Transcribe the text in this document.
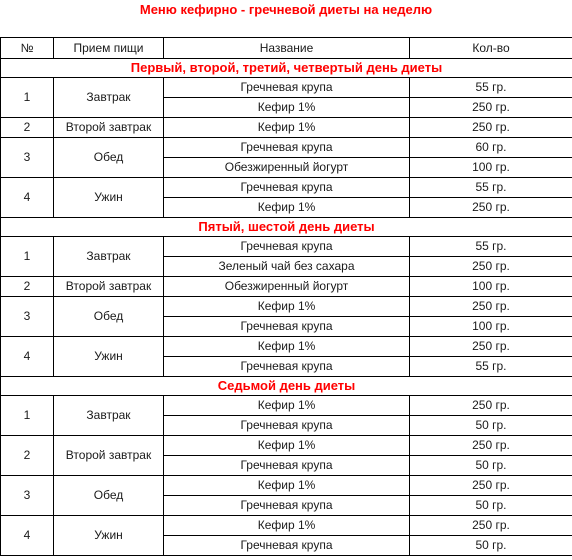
Меню кефирно - гречневой диеты на неделю
№	Прием пищи	Название	Кол-во
Первый, второй, третий, четвертый день диеты			
1	Завтрак	Гречневая крупа	55 гр.
		Кефир 1%	250 гр.
2	Второй завтрак	Кефир 1%	250 гр.
3	Обед	Гречневая крупа	60 гр.
		Обезжиренный йогурт	100 гр.
4	Ужин	Гречневая крупа	55 гр.
		Кефир 1%	250 гр.
Пятый, шестой день диеты			
1	Завтрак	Гречневая крупа	55 гр.
		Зеленый чай без сахара	250 гр.
2	Второй завтрак	Обезжиренный йогурт	100 гр.
3	Обед	Кефир 1%	250 гр.
		Гречневая крупа	100 гр.
4	Ужин	Кефир 1%	250 гр.
		Гречневая крупа	55 гр.
Седьмой день диеты			
1	Завтрак	Кефир 1%	250 гр.
		Гречневая крупа	50 гр.
2	Второй завтрак	Кефир 1%	250 гр.
		Гречневая крупа	50 гр.
3	Обед	Кефир 1%	250 гр.
		Гречневая крупа	50 гр.
4	Ужин	Кефир 1%	250 гр.
		Гречневая крупа	50 гр.
